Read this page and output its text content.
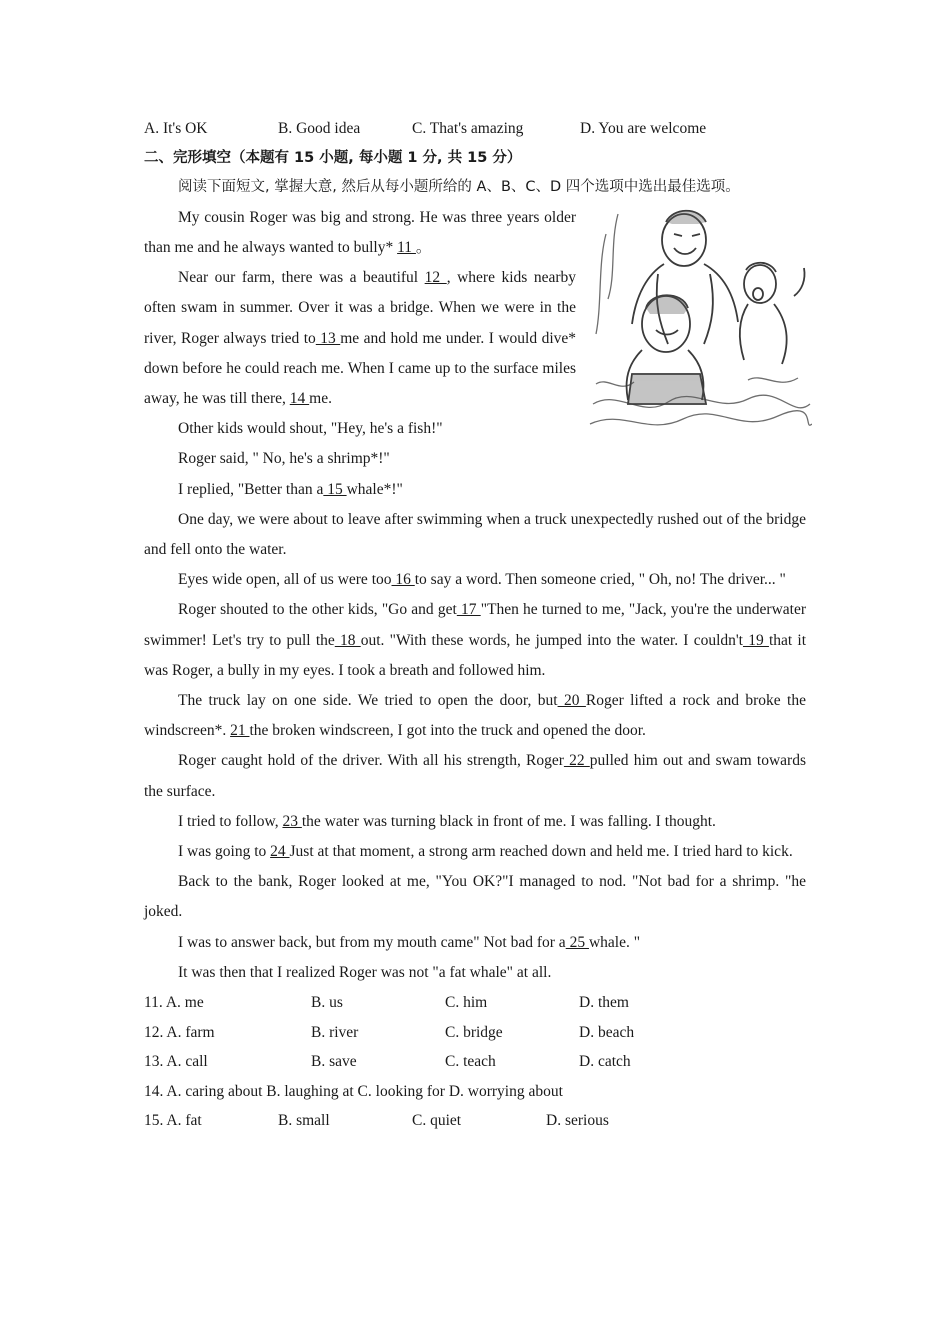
A. It's OK	B. Good idea	C. That's amazing	D. You are welcome
二、完形填空（本题有 15 小题, 每小题 1 分, 共 15 分）
阅读下面短文, 掌握大意, 然后从每小题所给的 A、B、C、D 四个选项中选出最佳选项。

My cousin Roger was big and strong. He was three years older than me and he always wanted to bully* 11 。

Near our farm, there was a beautiful 12 , where kids nearby often swam in summer. Over it was a bridge. When we were in the river, Roger always tried to 13 me and hold me under. I would dive* down before he could reach me. When I came up to the surface miles away, he was till there, 14 me.

Other kids would shout, "Hey, he's a fish!"

Roger said, " No, he's a shrimp*!"

I replied, "Better than a 15 whale*!"

One day, we were about to leave after swimming when a truck unexpectedly rushed out of the bridge and fell onto the water.

Eyes wide open, all of us were too 16 to say a word. Then someone cried, " Oh, no! The driver... "

Roger shouted to the other kids, "Go and get 17 "Then he turned to me, "Jack, you're the underwater swimmer! Let's try to pull the 18 out. "With these words, he jumped into the water. I couldn't 19 that it was Roger, a bully in my eyes. I took a breath and followed him.

The truck lay on one side. We tried to open the door, but 20 Roger lifted a rock and broke the windscreen*. 21 the broken windscreen, I got into the truck and opened the door.

Roger caught hold of the driver. With all his strength, Roger 22 pulled him out and swam towards the surface.

I tried to follow, 23 the water was turning black in front of me. I was falling. I thought.

I was going to 24 Just at that moment, a strong arm reached down and held me. I tried hard to kick.

Back to the bank, Roger looked at me, "You OK?"I managed to nod. "Not bad for a shrimp. "he joked.

I was to answer back, but from my mouth came" Not bad for a 25 whale. "

It was then that I realized Roger was not "a fat whale" at all.

11. A. me	B. us	C. him	D. them
12. A. farm	B. river	C. bridge	D. beach
13. A. call	B. save	C. teach	D. catch
14. A. caring about B. laughing at C. looking for D. worrying about
15. A. fat	B. small	C. quiet	D. serious
